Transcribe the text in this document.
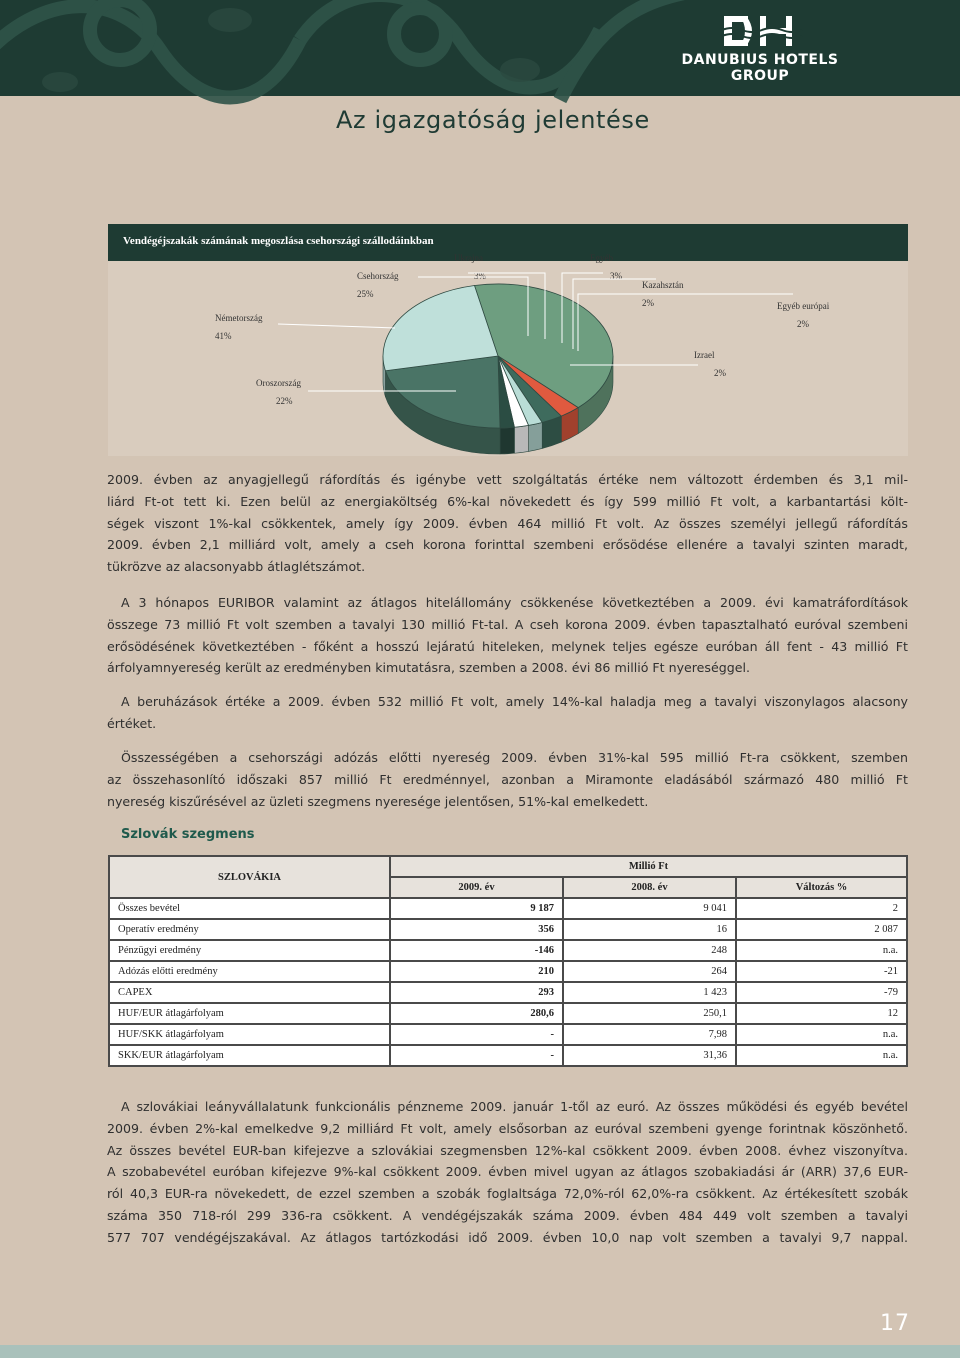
DANUBIUS HOTELS
GROUP
Az igazgatóság jelentése
Vendégéjszakák számának megoszlása csehországi szállodáinkban
Németország
41%
Csehország
25%
Ukrajna
3%
Egyéb
3%
Kazahsztán
2%	Egyéb európai
2%
Izrael
2%
Oroszország
22%

2009. évben az anyagjellegű ráfordítás és igénybe vett szolgáltatás értéke nem változott érdemben és 3,1 mil-
liárd Ft-ot tett ki. Ezen belül az energiaköltség 6%-kal növekedett és így 599 millió Ft volt, a karbantartási költ-
ségek viszont 1%-kal csökkentek, amely így 2009. évben 464 millió Ft volt. Az összes személyi jellegű ráfordítás
2009. évben 2,1 milliárd volt, amely a cseh korona forinttal szembeni erősödése ellenére a tavalyi szinten maradt,
tükrözve az alacsonyabb átlaglétszámot.

A 3 hónapos EURIBOR valamint az átlagos hitelállomány csökkenése következtében a 2009. évi kamatráfordítások
összege 73 millió Ft volt szemben a tavalyi 130 millió Ft-tal. A cseh korona 2009. évben tapasztalható euróval szembeni
erősödésének következtében - főként a hosszú lejáratú hiteleken, melynek teljes egésze euróban áll fent - 43 millió Ft
árfolyamnyereség került az eredményben kimutatásra, szemben a 2008. évi 86 millió Ft nyereséggel.

A beruházások értéke a 2009. évben 532 millió Ft volt, amely 14%-kal haladja meg a tavalyi viszonylagos alacsony
értéket.

Összességében a csehországi adózás előtti nyereség 2009. évben 31%-kal 595 millió Ft-ra csökkent, szemben
az összehasonlító időszaki 857 millió Ft eredménnyel, azonban a Miramonte eladásából származó 480 millió Ft
nyereség kiszűrésével az üzleti szegmens nyeresége jelentősen, 51%-kal emelkedett.

Szlovák szegmens
SZLOVÁKIA	Millió Ft		
	2009. év	2008. év	Változás %
Összes bevétel	9 187	9 041	2
Operatív eredmény	356	16	2 087
Pénzügyi eredmény	-146	248	n.a.
Adózás előtti eredmény	210	264	-21
CAPEX	293	1 423	-79
HUF/EUR átlagárfolyam	280,6	250,1	12
HUF/SKK átlagárfolyam	-	7,98	n.a.
SKK/EUR átlagárfolyam	-	31,36	n.a.

A szlovákiai leányvállalatunk funkcionális pénzneme 2009. január 1-től az euró. Az összes működési és egyéb bevétel
2009. évben 2%-kal emelkedve 9,2 milliárd Ft volt, amely elsősorban az euróval szembeni gyenge forintnak köszönhető.
Az összes bevétel EUR-ban kifejezve a szlovákiai szegmensben 12%-kal csökkent 2009. évben 2008. évhez viszonyítva.
A szobabevétel euróban kifejezve 9%-kal csökkent 2009. évben mivel ugyan az átlagos szobakiadási ár (ARR) 37,6 EUR-
ról 40,3 EUR-ra növekedett, de ezzel szemben a szobák foglaltsága 72,0%-ról 62,0%-ra csökkent. Az értékesített szobák
száma 350 718-ról 299 336-ra csökkent. A vendégéjszakák száma 2009. évben 484 449 volt szemben a tavalyi
577 707 vendégéjszakával. Az átlagos tartózkodási idő 2009. évben 10,0 nap volt szemben a tavalyi 9,7 nappal.

17
